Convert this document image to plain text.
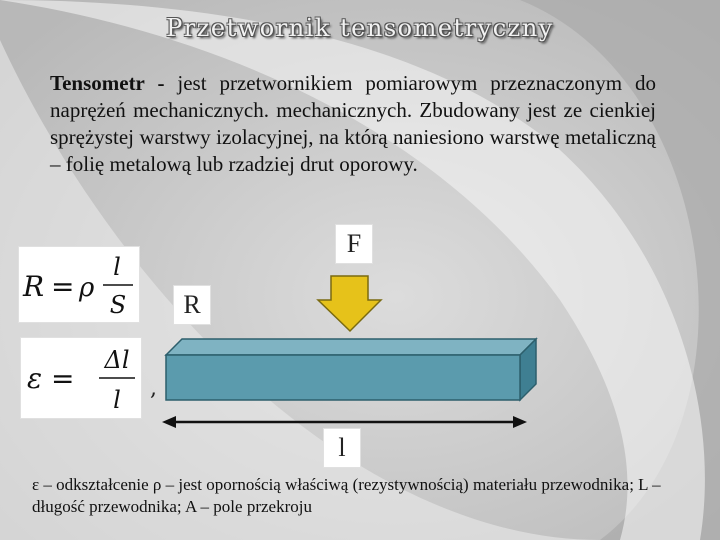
Przetwornik tensometryczny
Tensometr - jest przetwornikiem pomiarowym przeznaczonym do naprężeń mechanicznych. mechanicznych. Zbudowany jest ze cienkiej sprężystej warstwy izolacyjnej, na którą naniesiono warstwę metaliczną – folię metalową lub rzadziej drut oporowy.
R = ρ
l
S
ε =
Δl
l ,
F
R
l
ε – odkształcenie ρ – jest opornością właściwą (rezystywnością) materiału przewodnika; L – długość przewodnika; A – pole przekroju
